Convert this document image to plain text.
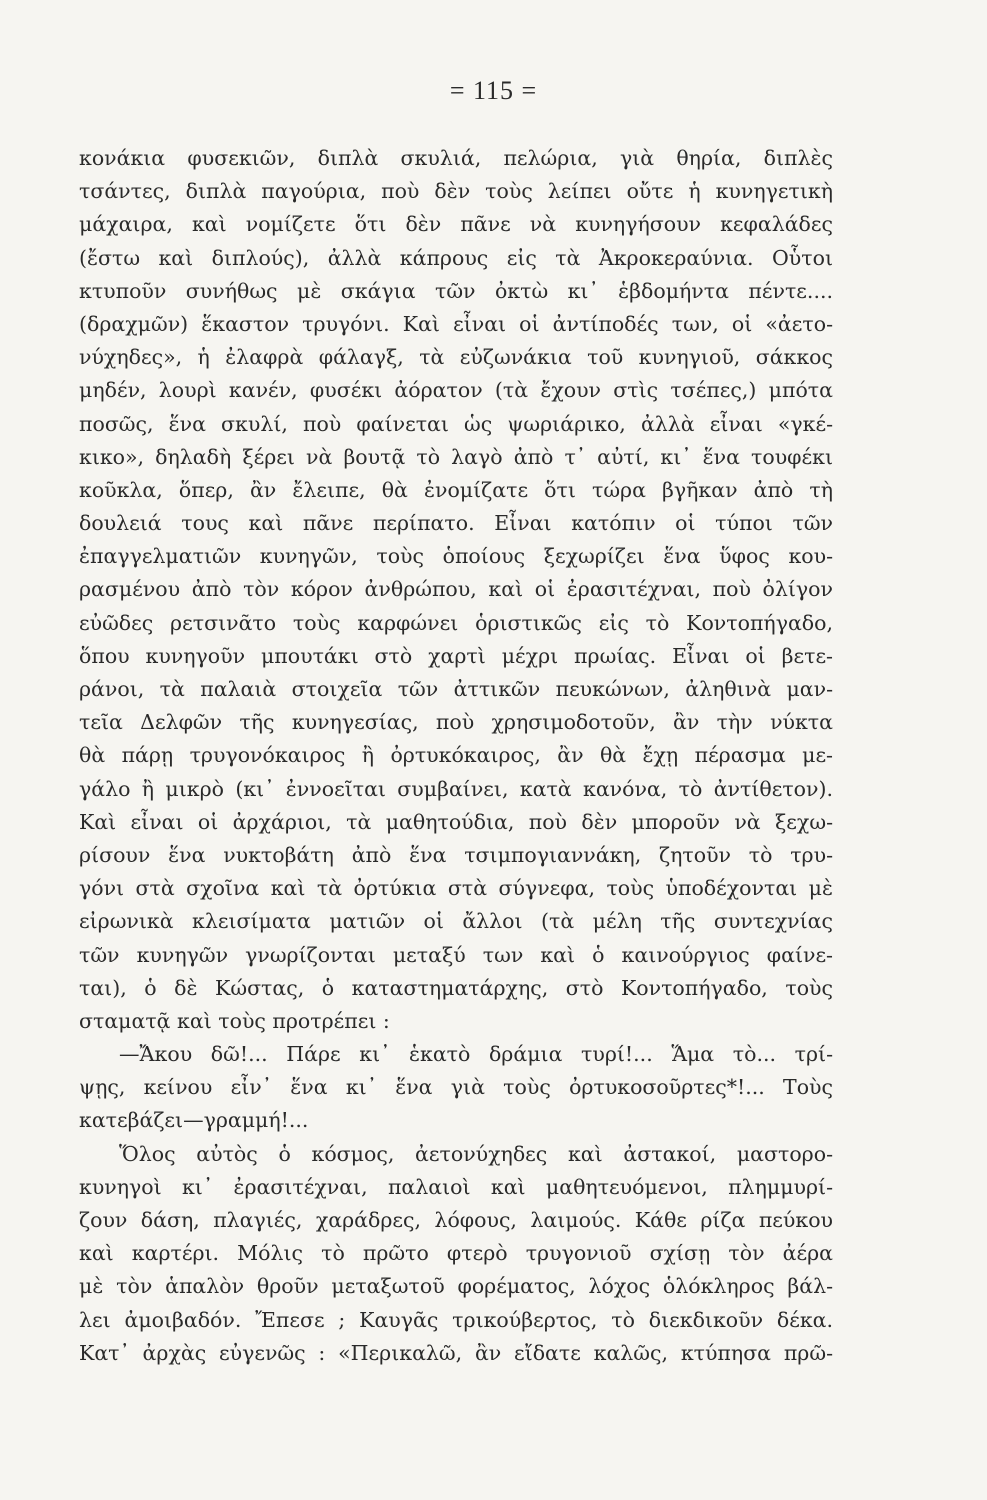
= 115 =
κονάκια φυσεκιῶν, διπλὰ σκυλιά, πελώρια, γιὰ θηρία, διπλὲς
τσάντες, διπλὰ παγούρια, ποὺ δὲν τοὺς λείπει οὔτε ἡ κυνηγετικὴ
μάχαιρα, καὶ νομίζετε ὅτι δὲν πᾶνε νὰ κυνηγήσουν κεφαλάδες
(ἔστω καὶ διπλούς), ἀλλὰ κάπρους εἰς τὰ Ἀκροκεραύνια. Οὗτοι
κτυποῦν συνήθως μὲ σκάγια τῶν ὀκτὼ κι᾿ ἑβδομήντα πέντε....
(δραχμῶν) ἕκαστον τρυγόνι. Καὶ εἶναι οἱ ἀντίποδές των, οἱ «ἀετο-
νύχηδες», ἡ ἐλαφρὰ φάλαγξ, τὰ εὐζωνάκια τοῦ κυνηγιοῦ, σάκκος
μηδέν, λουρὶ κανέν, φυσέκι ἀόρατον (τὰ ἔχουν στὶς τσέπες,) μπότα
ποσῶς, ἕνα σκυλί, ποὺ φαίνεται ὡς ψωριάρικο, ἀλλὰ εἶναι «γκέ-
κικο», δηλαδὴ ξέρει νὰ βουτᾷ τὸ λαγὸ ἀπὸ τ᾿ αὐτί, κι᾿ ἕνα τουφέκι
κοῦκλα, ὅπερ, ἂν ἔλειπε, θὰ ἐνομίζατε ὅτι τώρα βγῆκαν ἀπὸ τὴ
δουλειά τους καὶ πᾶνε περίπατο. Εἶναι κατόπιν οἱ τύποι τῶν
ἐπαγγελματιῶν κυνηγῶν, τοὺς ὁποίους ξεχωρίζει ἕνα ὕφος κου-
ρασμένου ἀπὸ τὸν κόρον ἀνθρώπου, καὶ οἱ ἐρασιτέχναι, ποὺ ὀλίγον
εὐῶδες ρετσινᾶτο τοὺς καρφώνει ὁριστικῶς εἰς τὸ Κοντοπήγαδο,
ὅπου κυνηγοῦν μπουτάκι στὸ χαρτὶ μέχρι πρωίας. Εἶναι οἱ βετε-
ράνοι, τὰ παλαιὰ στοιχεῖα τῶν ἀττικῶν πευκώνων, ἀληθινὰ μαν-
τεῖα Δελφῶν τῆς κυνηγεσίας, ποὺ χρησιμοδοτοῦν, ἂν τὴν νύκτα
θὰ πάρῃ τρυγονόκαιρος ἢ ὀρτυκόκαιρος, ἂν θὰ ἔχῃ πέρασμα με-
γάλο ἢ μικρὸ (κι᾿ ἐννοεῖται συμβαίνει, κατὰ κανόνα, τὸ ἀντίθετον).
Καὶ εἶναι οἱ ἀρχάριοι, τὰ μαθητούδια, ποὺ δὲν μποροῦν νὰ ξεχω-
ρίσουν ἕνα νυκτοβάτη ἀπὸ ἕνα τσιμπογιαννάκη, ζητοῦν τὸ τρυ-
γόνι στὰ σχοῖνα καὶ τὰ ὀρτύκια στὰ σύγνεφα, τοὺς ὑποδέχονται μὲ
εἰρωνικὰ κλεισίματα ματιῶν οἱ ἄλλοι (τὰ μέλη τῆς συντεχνίας
τῶν κυνηγῶν γνωρίζονται μεταξύ των καὶ ὁ καινούργιος φαίνε-
ται), ὁ δὲ Κώστας, ὁ καταστηματάρχης, στὸ Κοντοπήγαδο, τοὺς
σταματᾷ καὶ τοὺς προτρέπει :
—Ἄκου δῶ!... Πάρε κι᾿ ἑκατὸ δράμια τυρί!... Ἅμα τὸ... τρί-
ψῃς, κείνου εἶν᾿ ἕνα κι᾿ ἕνα γιὰ τοὺς ὀρτυκοσοῦρτες*!... Τοὺς
κατεβάζει—γραμμή!...
Ὅλος αὐτὸς ὁ κόσμος, ἀετονύχηδες καὶ ἀστακοί, μαστορο-
κυνηγοὶ κι᾿ ἐρασιτέχναι, παλαιοὶ καὶ μαθητευόμενοι, πλημμυρί-
ζουν δάση, πλαγιές, χαράδρες, λόφους, λαιμούς. Κάθε ρίζα πεύκου
καὶ καρτέρι. Μόλις τὸ πρῶτο φτερὸ τρυγονιοῦ σχίσῃ τὸν ἀέρα
μὲ τὸν ἁπαλὸν θροῦν μεταξωτοῦ φορέματος, λόχος ὁλόκληρος βάλ-
λει ἀμοιβαδόν. Ἔπεσε ; Καυγᾶς τρικούβερτος, τὸ διεκδικοῦν δέκα.
Κατ᾿ ἀρχὰς εὐγενῶς : «Περικαλῶ, ἂν εἴδατε καλῶς, κτύπησα πρῶ-
